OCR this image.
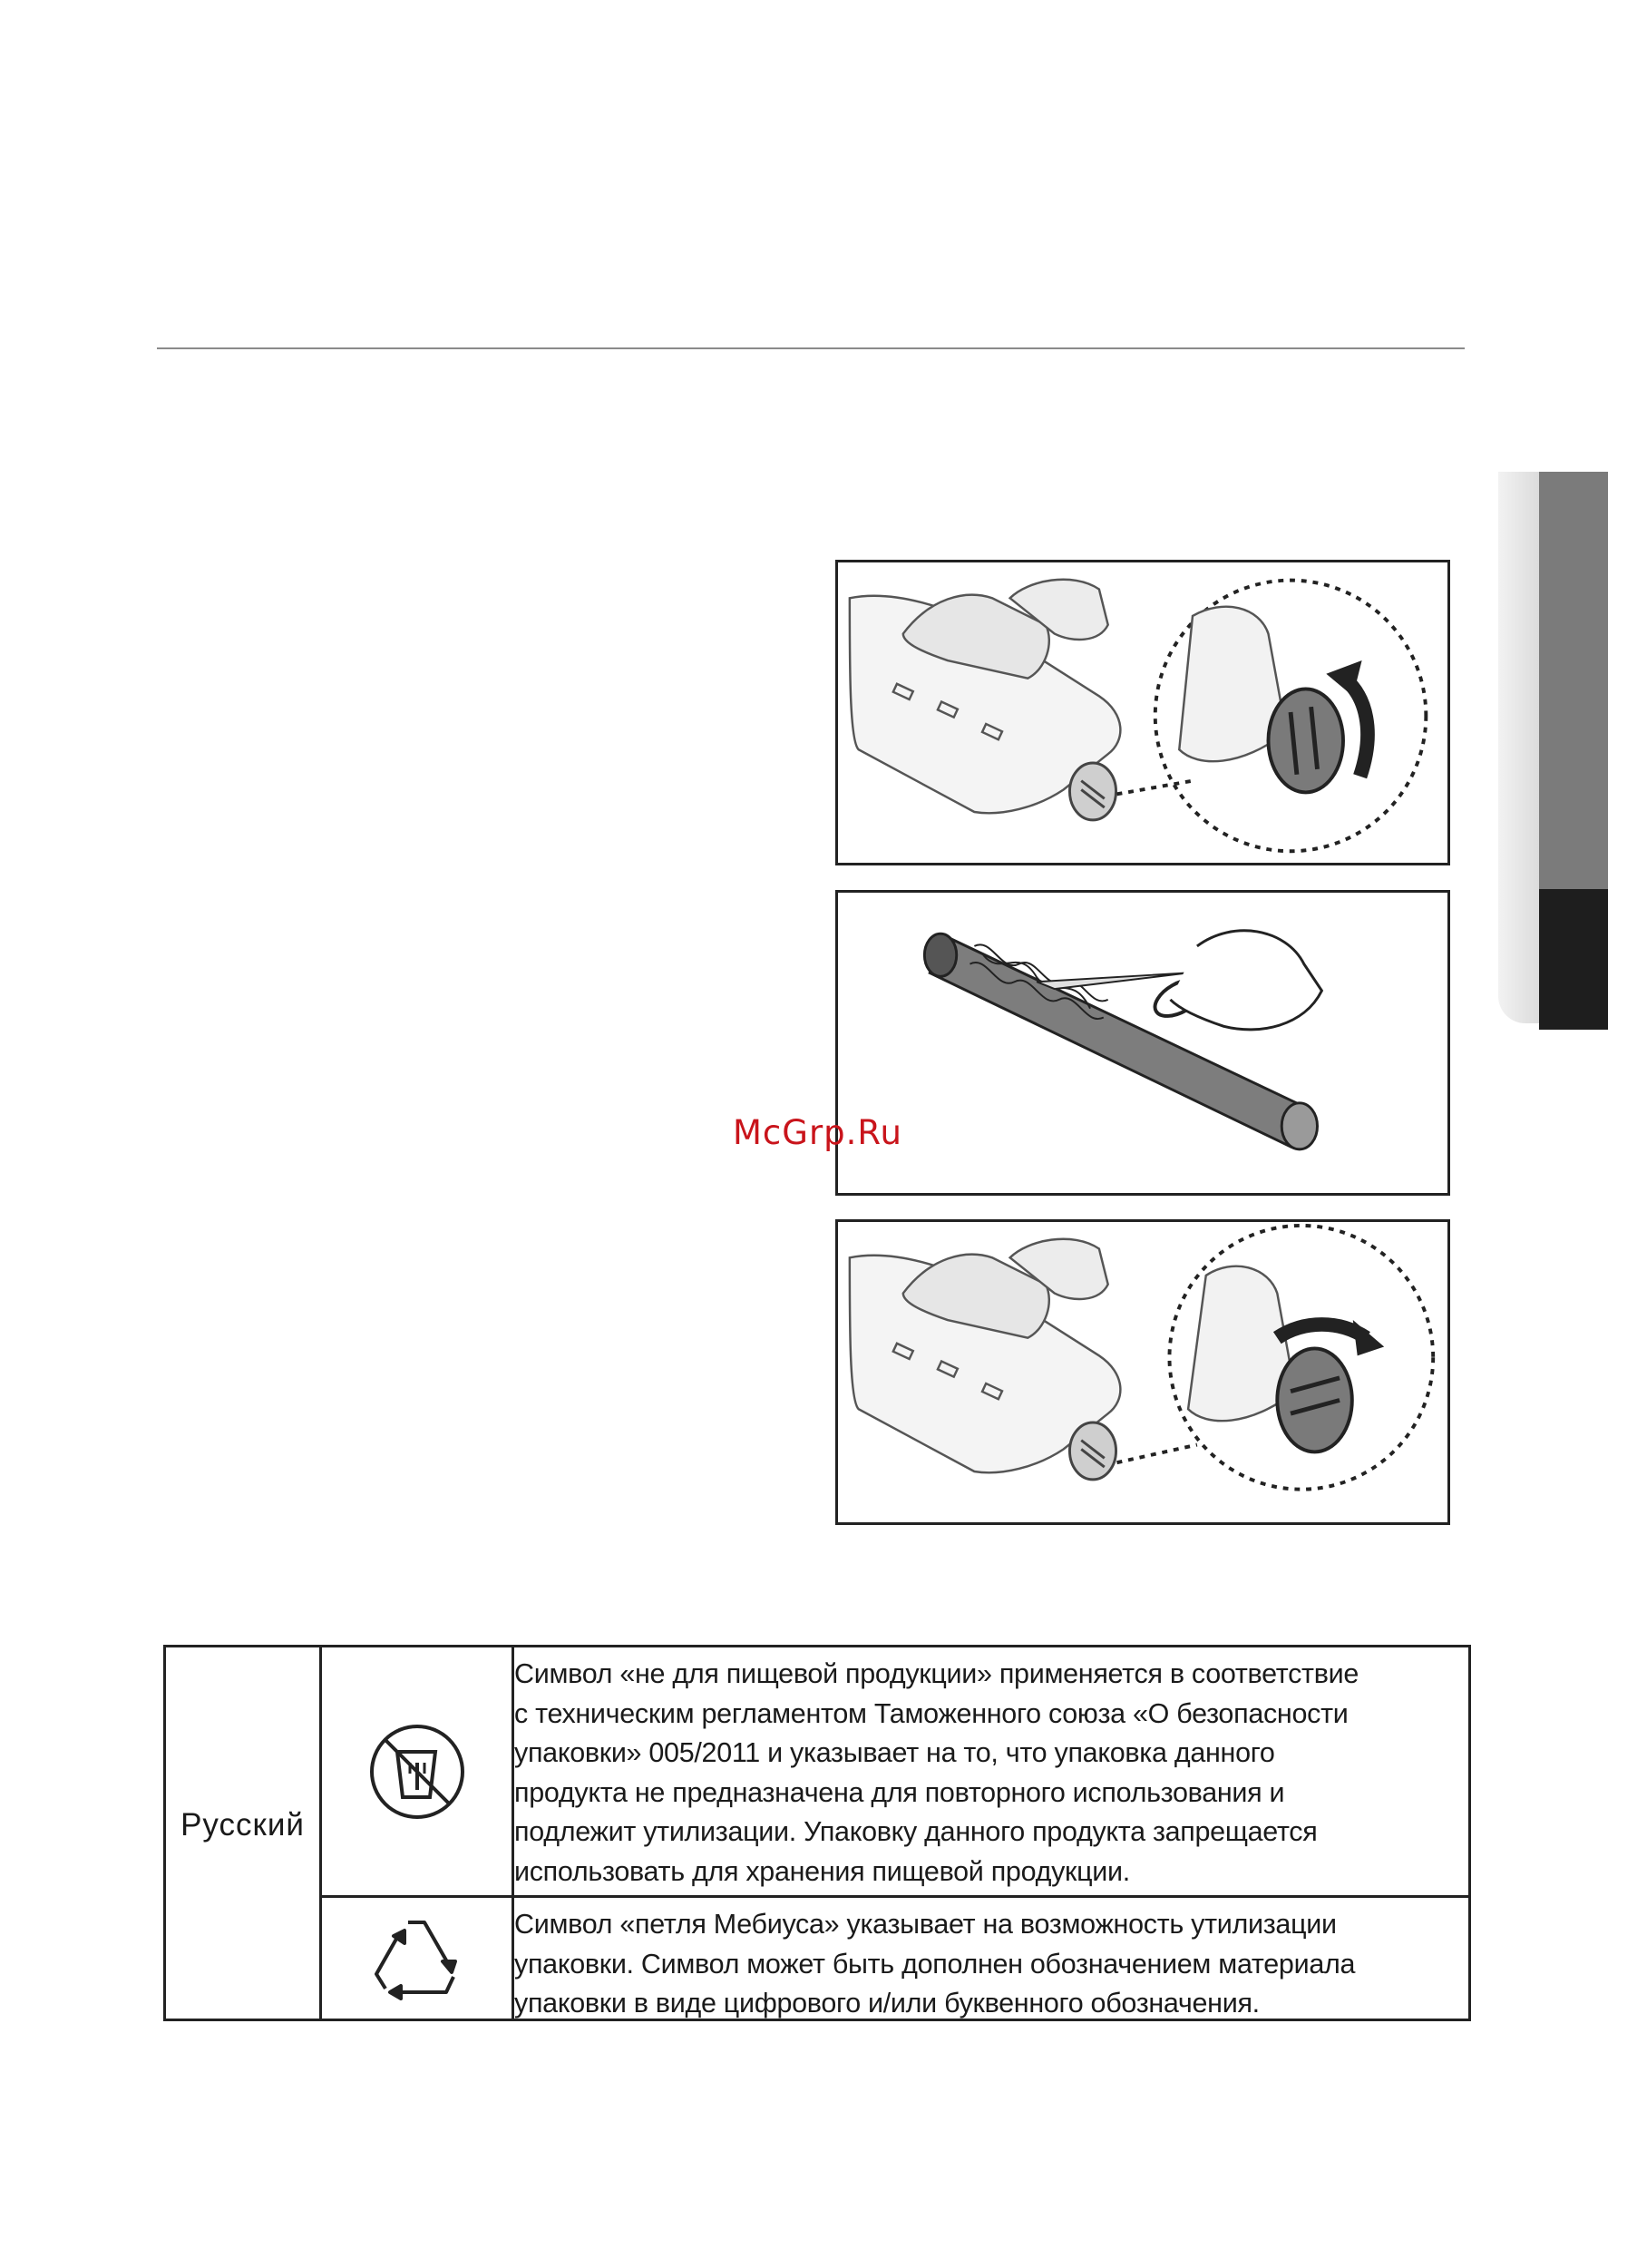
McGrp.Ru
Русский

Символ «не для пищевой продукции» применяется в соответствие

с техническим регламентом Таможенного союза «О безопасности

упаковки» 005/2011 и указывает на то, что упаковка данного

продукта не предназначена для повторного использования и

подлежит утилизации. Упаковку данного продукта запрещается

использовать для хранения пищевой продукции.

Символ «петля Мебиуса» указывает на возможность утилизации

упаковки. Символ может быть дополнен обозначением материала

упаковки в виде цифрового и/или буквенного обозначения.
